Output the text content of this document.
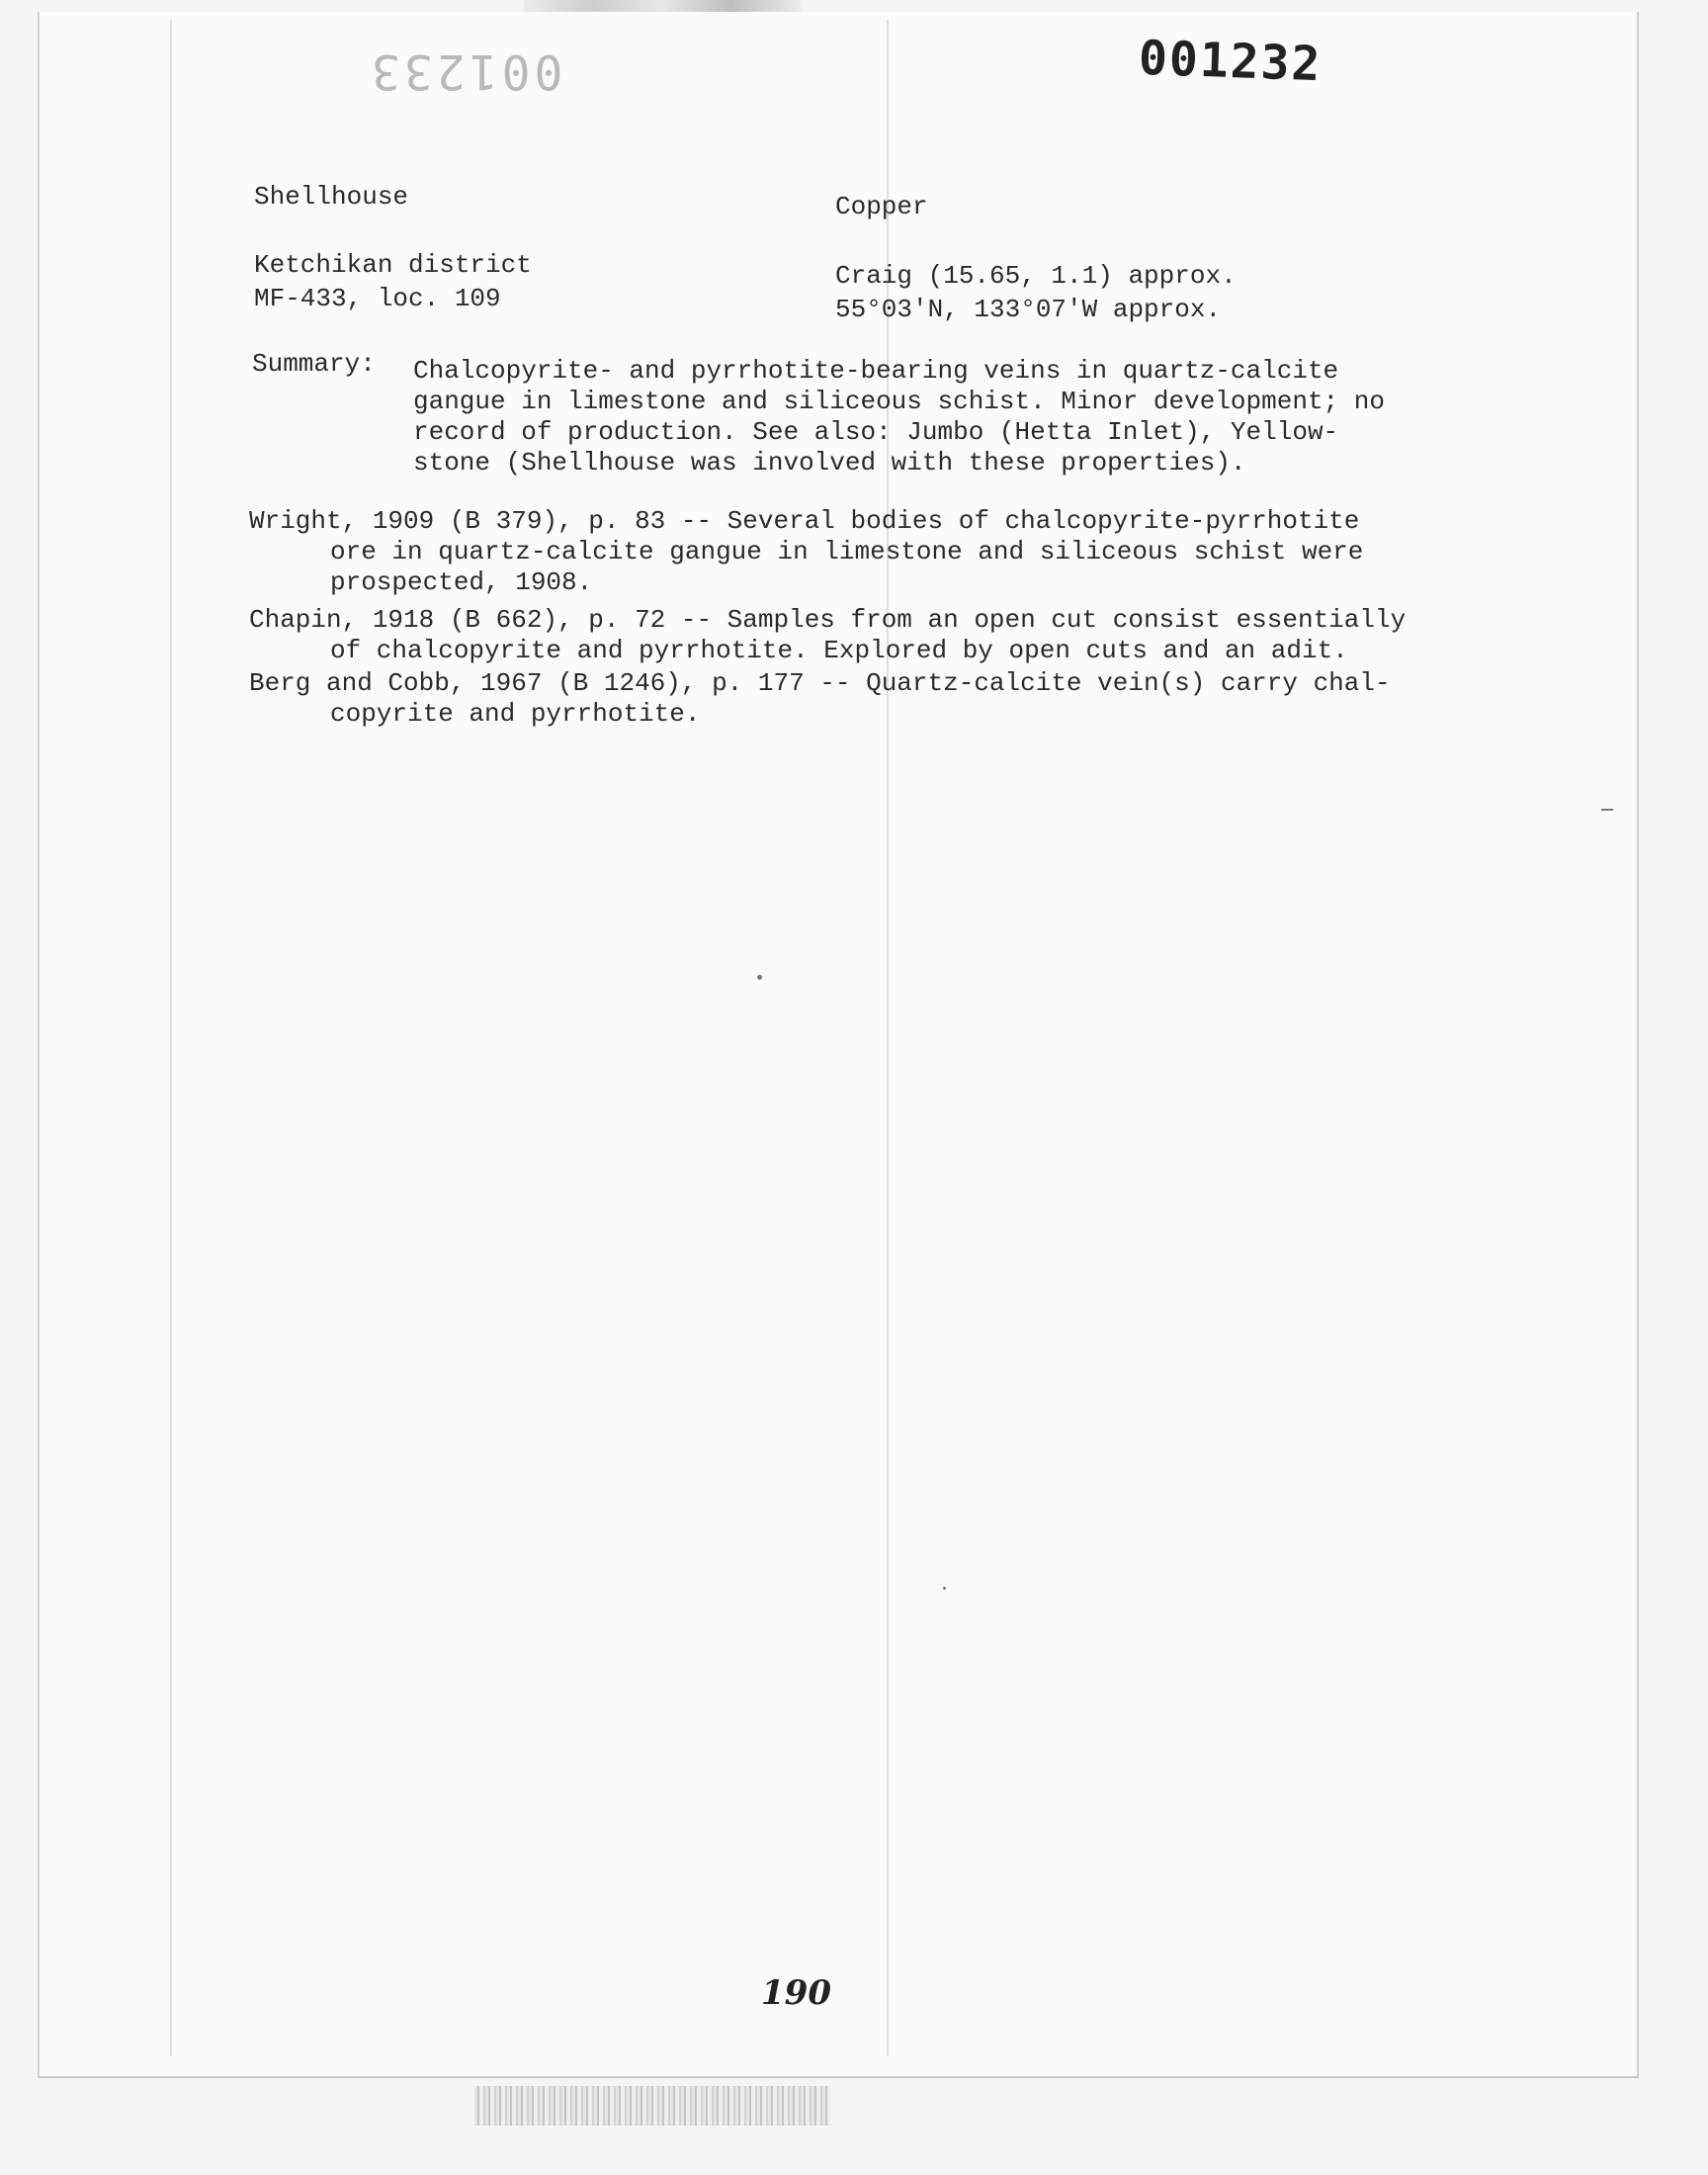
001232
001233
Shellhouse	Copper
Ketchikan district
MF-433, loc. 109
Craig (15.65, 1.1) approx.
55°03'N, 133°07'W approx.
Summary: Chalcopyrite- and pyrrhotite-bearing veins in quartz-calcite
gangue in limestone and siliceous schist. Minor development; no
record of production. See also: Jumbo (Hetta Inlet), Yellow-
stone (Shellhouse was involved with these properties).
Wright, 1909 (B 379), p. 83 -- Several bodies of chalcopyrite-pyrrhotite
ore in quartz-calcite gangue in limestone and siliceous schist were
prospected, 1908.
Chapin, 1918 (B 662), p. 72 -- Samples from an open cut consist essentially
of chalcopyrite and pyrrhotite. Explored by open cuts and an adit.
Berg and Cobb, 1967 (B 1246), p. 177 -- Quartz-calcite vein(s) carry chal-
copyrite and pyrrhotite.
190
